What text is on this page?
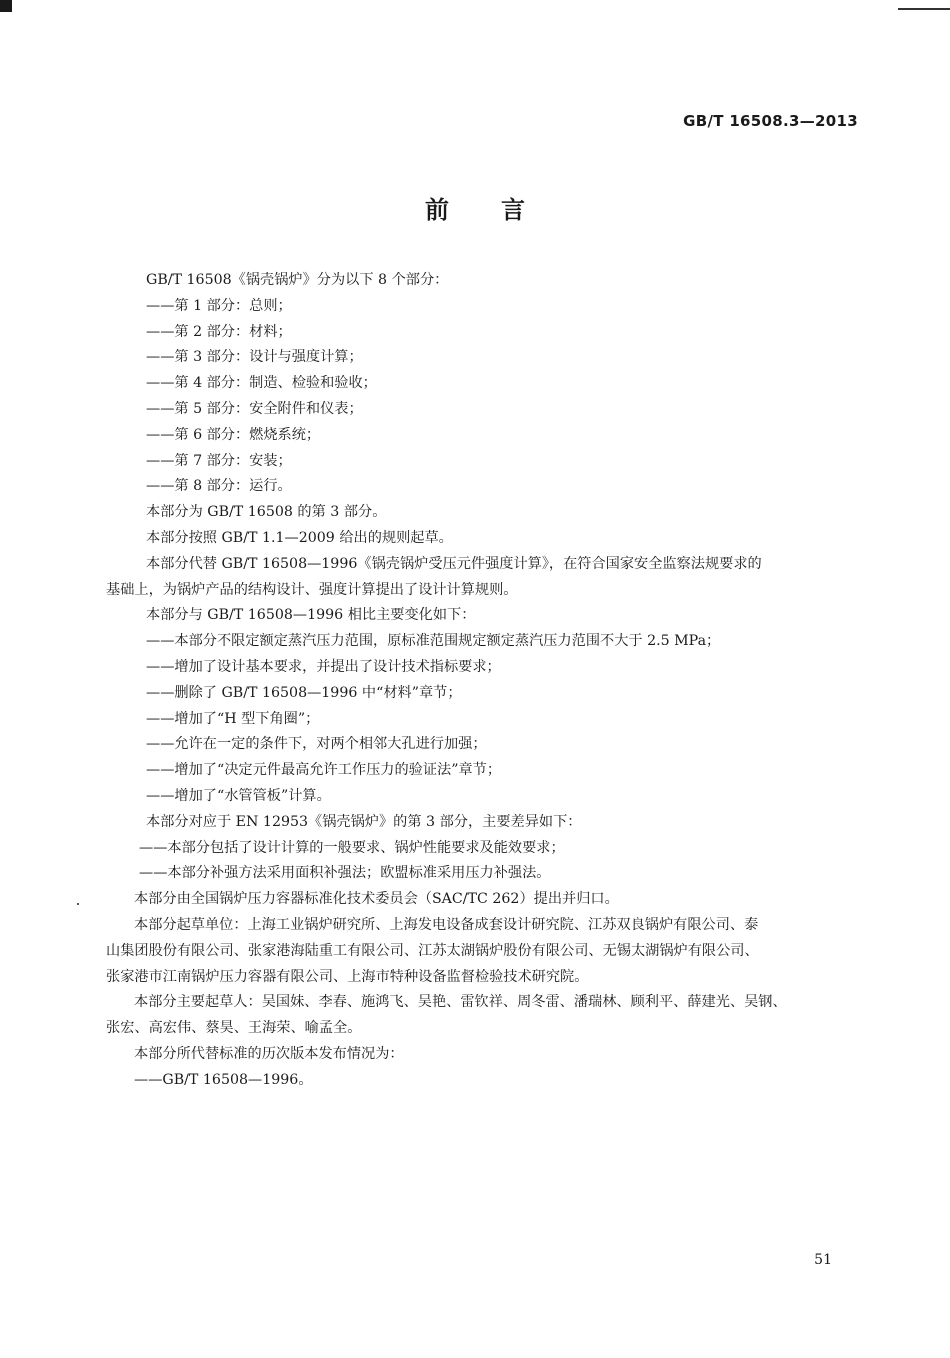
GB/T 16508.3—2013
前言

GB/T 16508《锅壳锅炉》分为以下 8 个部分：

——第 1 部分：总则；

——第 2 部分：材料；

——第 3 部分：设计与强度计算；

——第 4 部分：制造、检验和验收；

——第 5 部分：安全附件和仪表；

——第 6 部分：燃烧系统；

——第 7 部分：安装；

——第 8 部分：运行。

本部分为 GB/T 16508 的第 3 部分。

本部分按照 GB/T 1.1—2009 给出的规则起草。

本部分代替 GB/T 16508—1996《锅壳锅炉受压元件强度计算》，在符合国家安全监察法规要求的

基础上，为锅炉产品的结构设计、强度计算提出了设计计算规则。

本部分与 GB/T 16508—1996 相比主要变化如下：

——本部分不限定额定蒸汽压力范围，原标准范围规定额定蒸汽压力范围不大于 2.5 MPa；

——增加了设计基本要求，并提出了设计技术指标要求；

——删除了 GB/T 16508—1996 中“材料”章节；

——增加了“H 型下角圈”；

——允许在一定的条件下，对两个相邻大孔进行加强；

——增加了“决定元件最高允许工作压力的验证法”章节；

——增加了“水管管板”计算。

本部分对应于 EN 12953《锅壳锅炉》的第 3 部分，主要差异如下：

——本部分包括了设计计算的一般要求、锅炉性能要求及能效要求；

——本部分补强方法采用面积补强法；欧盟标准采用压力补强法。

本部分由全国锅炉压力容器标准化技术委员会（SAC/TC 262）提出并归口。

本部分起草单位：上海工业锅炉研究所、上海发电设备成套设计研究院、江苏双良锅炉有限公司、泰

山集团股份有限公司、张家港海陆重工有限公司、江苏太湖锅炉股份有限公司、无锡太湖锅炉有限公司、

张家港市江南锅炉压力容器有限公司、上海市特种设备监督检验技术研究院。

本部分主要起草人：吴国妹、李春、施鸿飞、吴艳、雷钦祥、周冬雷、潘瑞林、顾利平、薛建光、吴钢、

张宏、高宏伟、蔡昊、王海荣、喻孟全。

本部分所代替标准的历次版本发布情况为：

——GB/T 16508—1996。

51
